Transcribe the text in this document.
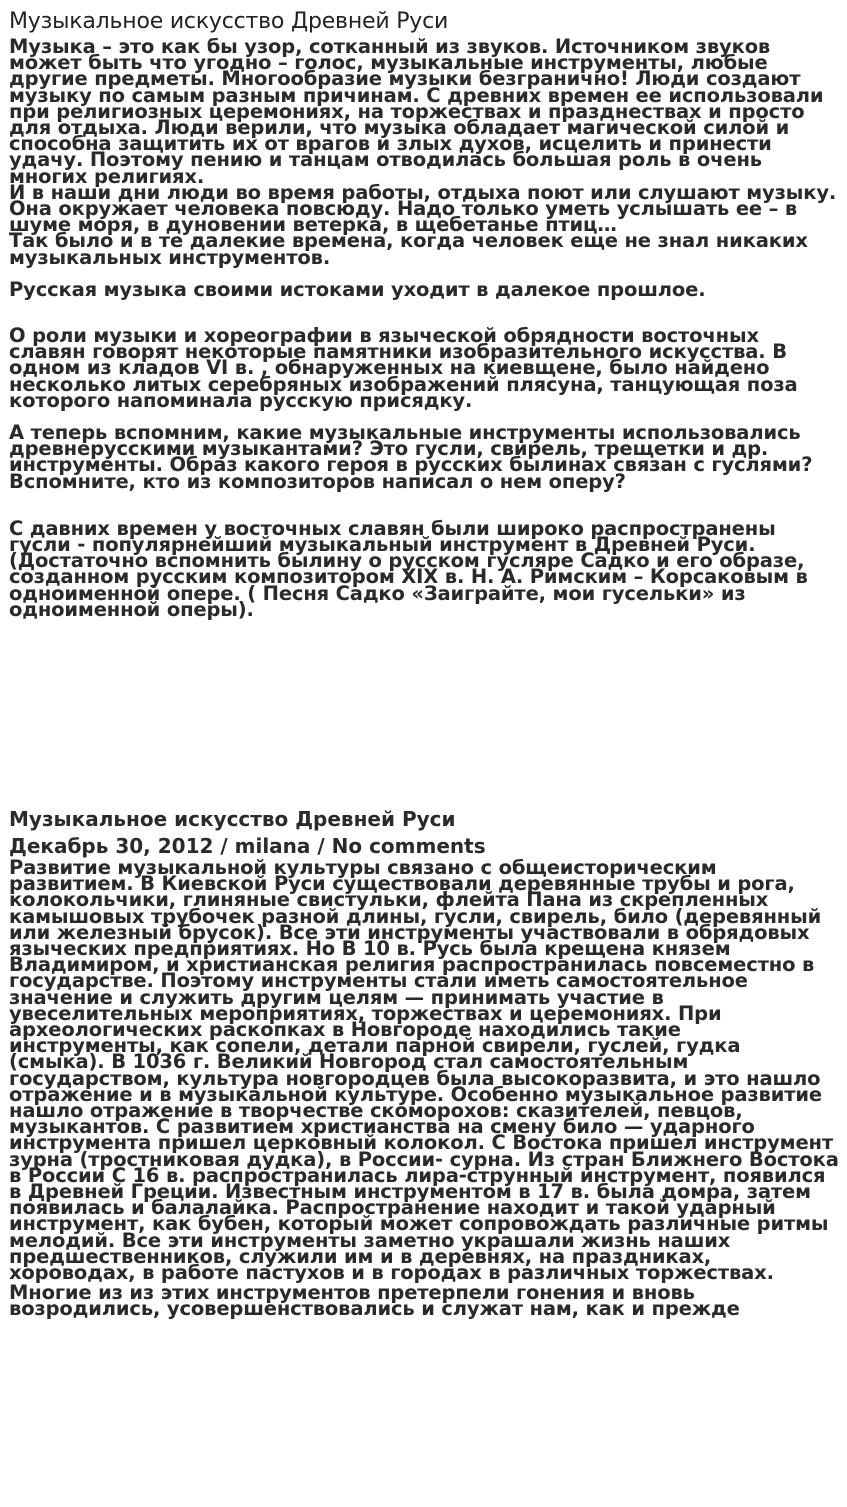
Музыкальное искусство Древней Руси

Музыка – это как бы узор, сотканный из звуков. Источником звуков может быть что угодно – голос, музыкальные инструменты, любые другие предметы. Многообразие музыки безгранично! Люди создают музыку по самым разным причинам. С древних времен ее использовали при религиозных церемониях, на торжествах и празднествах и просто для отдыха. Люди верили, что музыка обладает магической силой и способна защитить их от врагов и злых духов, исцелить и принести удачу. Поэтому пению и танцам отводилась большая роль в очень многих религиях.

И в наши дни люди во время работы, отдыха поют или слушают музыку. Она окружает человека повсюду. Надо только уметь услышать ее – в шуме моря, в дуновении ветерка, в щебетанье птиц…

Так было и в те далекие времена, когда человек еще не знал никаких музыкальных инструментов.

Русская музыка своими истоками уходит в далекое прошлое.

О роли музыки и хореографии в языческой обрядности восточных славян говорят некоторые памятники изобразительного искусства. В одном из кладов VI в. , обнаруженных на киевщене, было найдено несколько литых серебряных изображений плясуна, танцующая поза которого напоминала русскую присядку.

А теперь вспомним, какие музыкальные инструменты использовались древнерусскими музыкантами? Это гусли, свирель, трещетки и др. инструменты. Образ какого героя в русских былинах связан с гуслями? Вспомните, кто из композиторов написал о нем оперу?

С давних времен у восточных славян были широко распространены гусли - популярнейший музыкальный инструмент в Древней Руси. (Достаточно вспомнить былину о русском гусляре Садко и его образе, созданном русским композитором XIX в. Н. А. Римским – Корсаковым в одноименной опере. ( Песня Садко «Заиграйте, мои гусельки» из одноименной оперы).

Музыкальное искусство Древней Руси
Декабрь 30, 2012 / milana / No comments

Развитие музыкальной культуры связано с общеисторическим развитием. В Киевской Руси существовали деревянные трубы и рога, колокольчики, глиняные свистульки, флейта Пана из скрепленных камышовых трубочек разной длины, гусли, свирель, било (деревянный или железный брусок). Все эти инструменты участвовали в обрядовых языческих предприятиях. Но В 10 в. Русь была крещена князем Владимиром, и христианская религия распространилась повсеместно в государстве. Поэтому инструменты стали иметь самостоятельное значение и служить другим целям — принимать участие в увеселительных мероприятиях, торжествах и церемониях. При археологических раскопках в Новгороде находились такие инструменты, как сопели, детали парной свирели, гуслей, гудка (смыка). В 1036 г. Великий Новгород стал самостоятельным государством, культура новгородцев была высокоразвита, и это нашло отражение и в музыкальной культуре. Особенно музыкальное развитие нашло отражение в творчестве скоморохов: сказителей, певцов, музыкантов. С развитием христианства на смену било — ударного инструмента пришел церковный колокол. С Востока пришел инструмент зурна (тростниковая дудка), в России- сурна. Из стран Ближнего Востока в России С 16 в. распространилась лира-струнный инструмент, появился в Древней Греции. Известным инструментом в 17 в. была домра, затем появилась и балалайка. Распространение находит и такой ударный инструмент, как бубен, который может сопровождать различные ритмы мелодий. Все эти инструменты заметно украшали жизнь наших предшественников, служили им и в деревнях, на праздниках, хороводах, в работе пастухов и в городах в различных торжествах.

Многие из из этих инструментов претерпели гонения и вновь возродились, усовершенствовались и служат нам, как и прежде
